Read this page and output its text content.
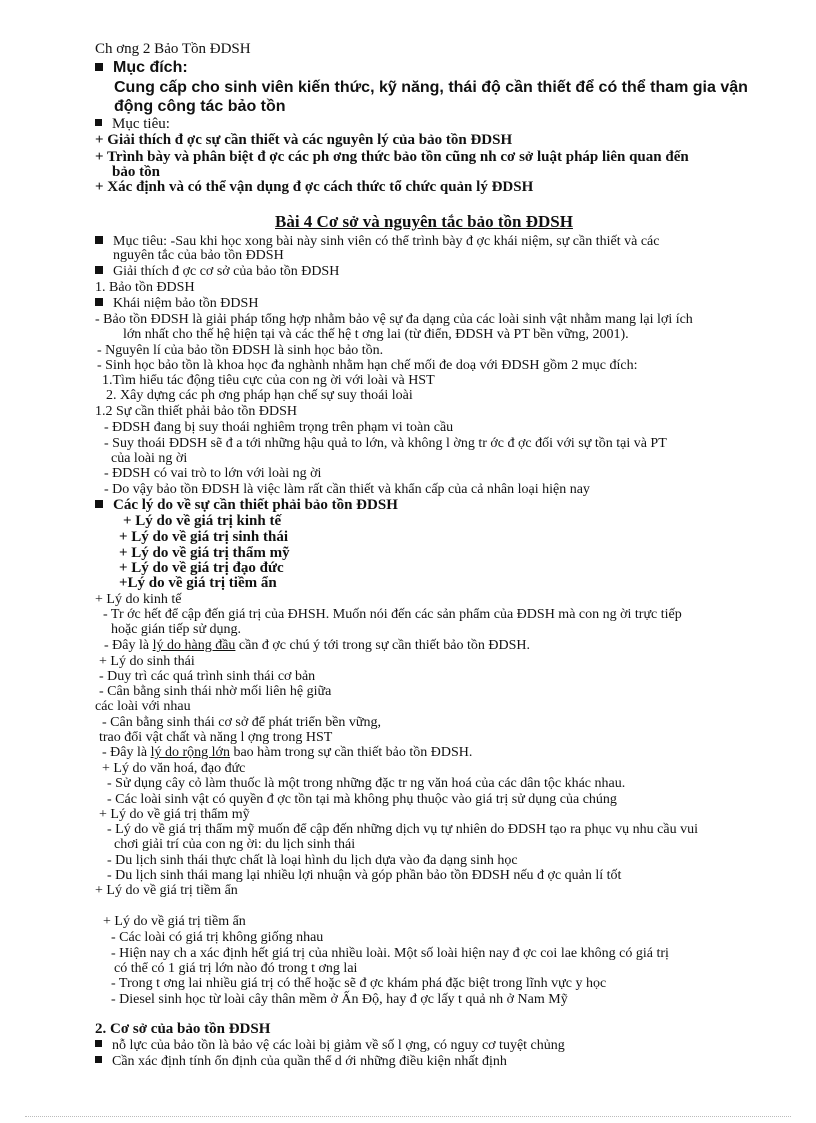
Ch ơng 2 Bảo Tồn ĐDSH
Mục đích:
Cung cấp cho sinh viên kiến thức, kỹ năng, thái độ cần thiết để có thể tham gia vận động công tác bảo tồn
Mục tiêu:
+ Giải thích đ ợc sự cần thiết và các nguyên lý của bảo tồn ĐDSH
+ Trình bày và phân biệt đ ợc các ph ơng thức bảo tồn cũng nh cơ sở luật pháp liên quan đến
bảo tồn
+ Xác định và có thể vận dụng đ ợc cách thức tổ chức quản lý ĐDSH
Bài 4 Cơ sở và nguyên tắc bảo tồn ĐDSH
Mục tiêu: -Sau khi học xong bài này sinh viên có thể trình bày đ ợc khái niệm, sự cần thiết và các
nguyên tắc của bảo tồn ĐDSH
Giải thích đ ợc cơ sở của bảo tồn ĐDSH
1. Bảo tồn ĐDSH
Khái niệm bảo tồn ĐDSH
- Bảo tồn ĐDSH là giải pháp tổng hợp nhằm bảo vệ sự đa dạng của các loài sinh vật nhằm mang lại lợi ích
lớn nhất cho thế hệ hiện tại và các thế hệ t ơng lai (từ điển, ĐDSH và PT bền vững, 2001).
- Nguyên lí của bảo tồn ĐDSH là sinh học bảo tồn.
- Sinh học bảo tồn là khoa học đa nghành nhằm hạn chế mối đe doạ với ĐDSH gồm 2 mục đích:
1.Tìm hiểu tác động tiêu cực của con ng ời với loài và HST
2. Xây dựng các ph ơng pháp hạn chế sự suy thoái loài
1.2 Sự cần thiết phải bảo tồn ĐDSH
- ĐDSH đang bị suy thoái nghiêm trọng trên phạm vi toàn cầu
- Suy thoái ĐDSH sẽ đ a tới những hậu quả to lớn, và không l ờng tr ớc đ ợc đối với sự tồn tại và PT
của loài ng ời
- ĐDSH có vai trò to lớn với loài ng ời
- Do vậy bảo tồn ĐDSH là việc làm rất cần thiết và khẩn cấp của cả nhân loại hiện nay
Các lý do về sự cần thiết phải bảo tồn ĐDSH
+ Lý do về giá trị kinh tế
+ Lý do về giá trị sinh thái
+ Lý do về giá trị thẩm mỹ
+ Lý do về giá trị đạo đức
+Lý do về giá trị tiềm ẩn
+ Lý do kinh tế
- Tr ớc hết để cập đến giá trị của ĐHSH. Muốn nói đến các sản phẩm của ĐDSH mà con ng ời trực tiếp
hoặc gián tiếp sử dụng.
- Đây là lý do hàng đầu cần đ ợc chú ý tới trong sự cần thiết bảo tồn ĐDSH.
+ Lý do sinh thái
- Duy trì các quá trình sinh thái cơ bản
- Cân bằng sinh thái nhờ mối liên hệ giữa
các loài với nhau
- Cân bằng sinh thái cơ sở để phát triển bền vững,
trao đổi vật chất và năng l ợng trong HST
- Đây là lý do rộng lớn bao hàm trong sự cần thiết bảo tồn ĐDSH.
+ Lý do văn hoá, đạo đức
- Sử dụng cây cỏ làm thuốc là một trong những đặc tr ng văn hoá của các dân tộc khác nhau.
- Các loài sinh vật có quyền đ ợc tồn tại mà không phụ thuộc vào giá trị sử dụng của chúng
+ Lý do về giá trị thẩm mỹ
- Lý do về giá trị thẩm mỹ muốn để cập đến những dịch vụ tự nhiên do ĐDSH tạo ra phục vụ nhu cầu vui
chơi giải trí của con ng ời: du lịch sinh thái
- Du lịch sinh thái thực chất là loại hình du lịch dựa vào đa dạng sinh học
- Du lịch sinh thái mang lại nhiều lợi nhuận và góp phần bảo tồn ĐDSH nếu đ ợc quản lí tốt
+ Lý do về giá trị tiềm ẩn
+ Lý do về giá trị tiềm ẩn
- Các loài có giá trị không giống nhau
- Hiện nay ch a xác định hết giá trị của nhiều loài. Một số loài hiện nay đ ợc coi lae không có giá trị
có thể có 1 giá trị lớn nào đó trong t ơng lai
- Trong t ơng lai nhiều giá trị có thể hoặc sẽ đ ợc khám phá đặc biệt trong lĩnh vực y học
- Diesel sinh học từ loài cây thân mềm ở Ấn Độ, hay đ ợc lấy t quả nh ở Nam Mỹ
2. Cơ sở của bảo tồn ĐDSH
nỗ lực của bảo tồn là bảo vệ các loài bị giảm về số l ợng, có nguy cơ tuyệt chủng
Cần xác định tính ổn định của quần thể d ới những điều kiện nhất định
